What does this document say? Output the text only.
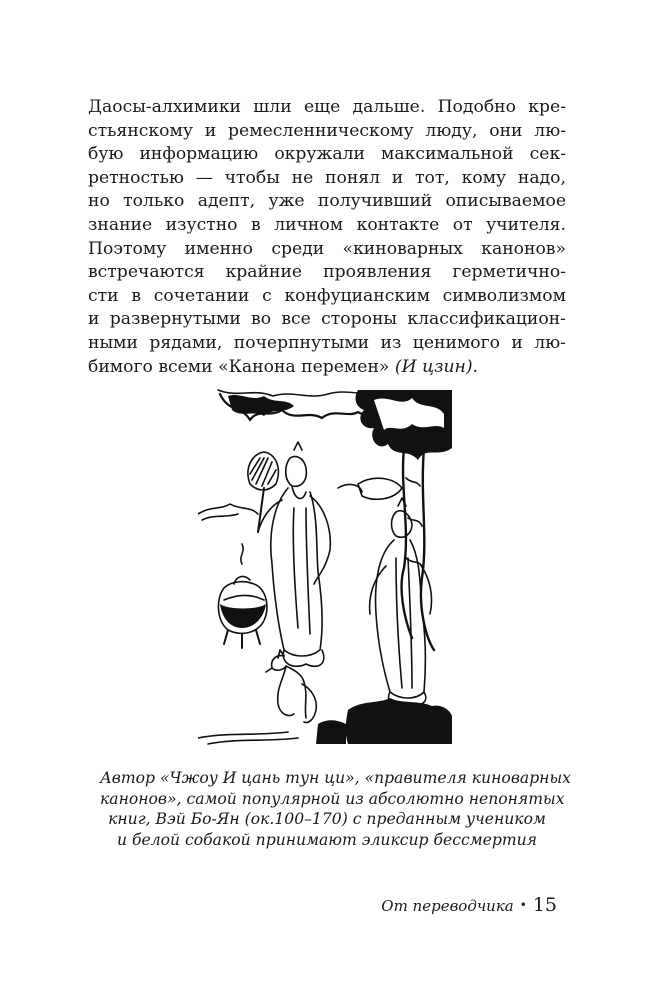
Даосы-алхимики шли еще дальше. Подобно кре-
стьянскому и ремесленническому люду, они лю-
бую информацию окружали максимальной сек-
ретностью — чтобы не понял и тот, кому надо,
но только адепт, уже получивший описываемое
знание изустно в личном контакте от учителя.
Поэтому именно среди «киноварных канонов»
встречаются крайние проявления герметично-
сти в сочетании с конфуцианским символизмом
и развернутыми во все стороны классификацион-
ными рядами, почерпнутыми из ценимого и лю-
бимого всеми «Канона перемен» (И цзин).

Автор «Чжоу И цань тун ци», «правителя киноварных
канонов», самой популярной из абсолютно непонятых
книг, Вэй Бо-Ян (ок.100–170) с преданным учеником
и белой собакой принимают эликсир бессмертия

От переводчика • 15
